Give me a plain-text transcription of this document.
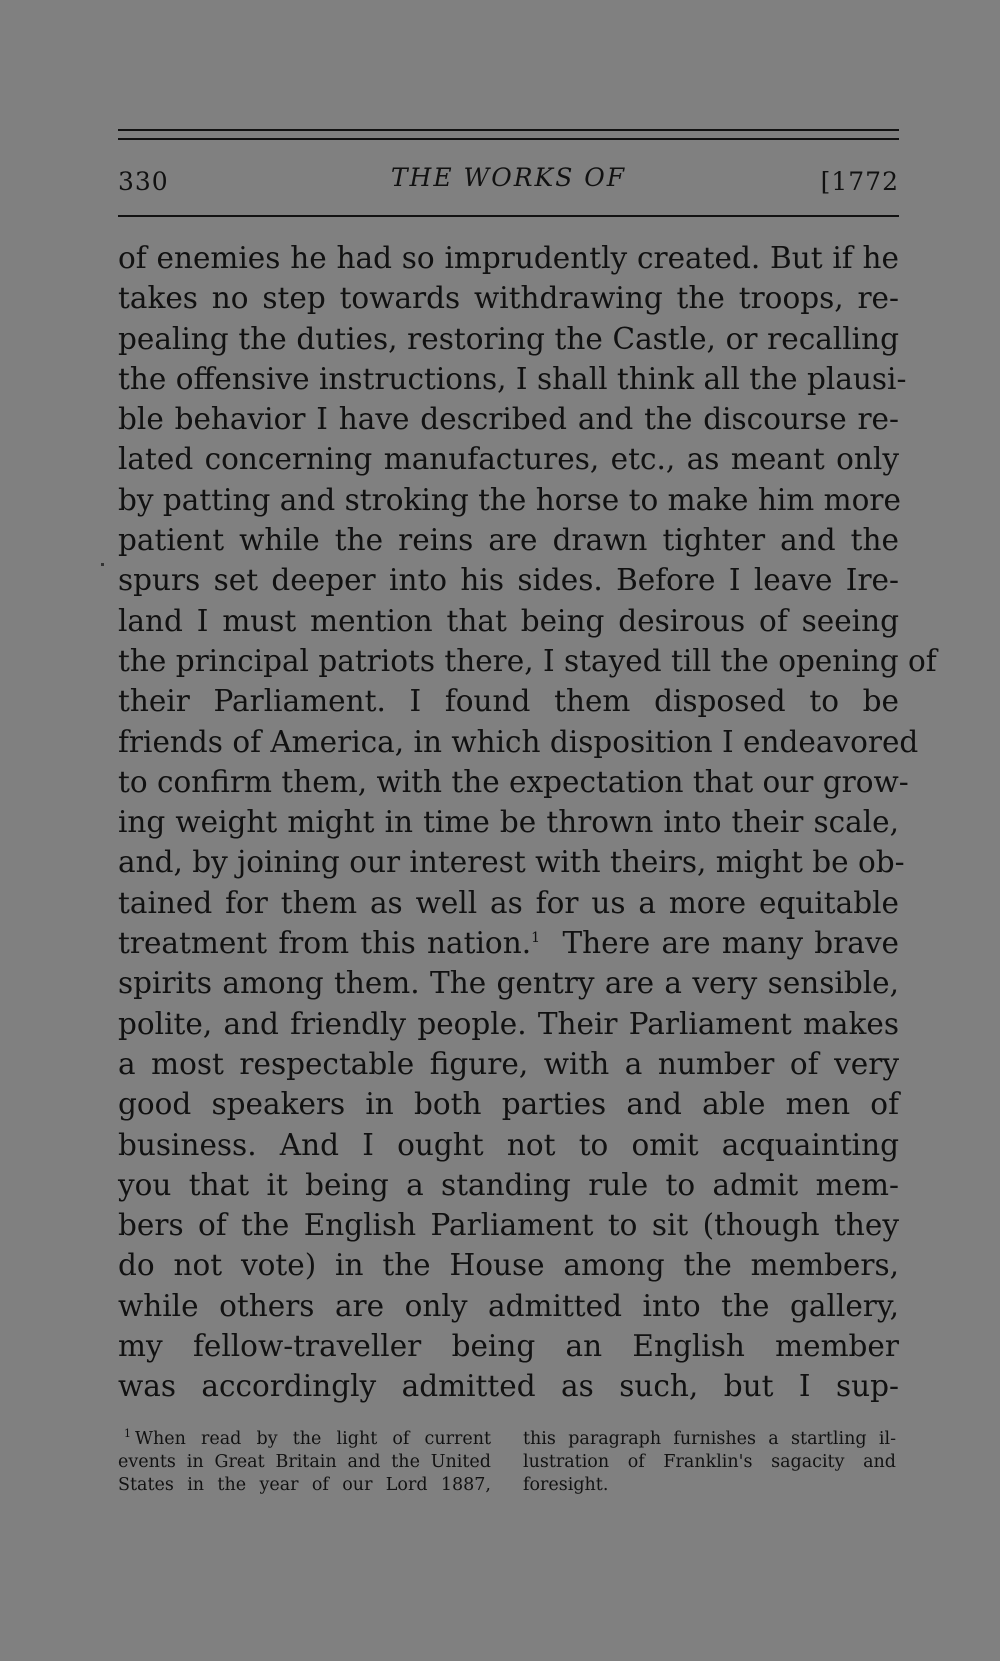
330	THE WORKS OF	[1772
of enemies he had so imprudently created. But if he
takes no step towards withdrawing the troops, re-
pealing the duties, restoring the Castle, or recalling
the offensive instructions, I shall think all the plausi-
ble behavior I have described and the discourse re-
lated concerning manufactures, etc., as meant only
by patting and stroking the horse to make him more
patient while the reins are drawn tighter and the
spurs set deeper into his sides. Before I leave Ire-
land I must mention that being desirous of seeing
the principal patriots there, I stayed till the opening of
their Parliament. I found them disposed to be
friends of America, in which disposition I endeavored
to confirm them, with the expectation that our grow-
ing weight might in time be thrown into their scale,
and, by joining our interest with theirs, might be ob-
tained for them as well as for us a more equitable
treatment from this nation.$^1$ There are many brave
spirits among them. The gentry are a very sensible,
polite, and friendly people. Their Parliament makes
a most respectable figure, with a number of very
good speakers in both parties and able men of
business. And I ought not to omit acquainting
you that it being a standing rule to admit mem-
bers of the English Parliament to sit (though they
do not vote) in the House among the members,
while others are only admitted into the gallery,
my fellow-traveller being an English member
was accordingly admitted as such, but I sup-
$^1$ When read by the light of current
events in Great Britain and the United
States in the year of our Lord 1887,
this paragraph furnishes a startling il-
lustration of Franklin's sagacity and
foresight.
